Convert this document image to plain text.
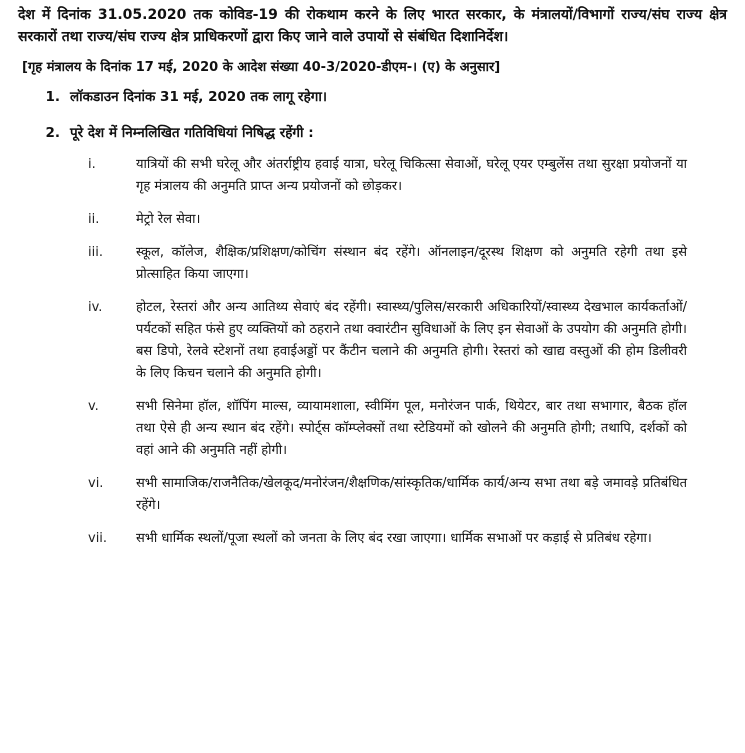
देश में दिनांक 31.05.2020 तक कोविड-19 की रोकथाम करने के लिए भारत सरकार, के मंत्रालयों/विभागों राज्य/संघ राज्य क्षेत्र सरकारों तथा राज्य/संघ राज्य क्षेत्र प्राधिकरणों द्वारा किए जाने वाले उपायों से संबंधित दिशानिर्देश।

[गृह मंत्रालय के दिनांक 17 मई, 2020 के आदेश संख्या 40-3/2020-डीएम-। (ए) के अनुसार]

1. लॉकडाउन दिनांक 31 मई, 2020 तक लागू रहेगा।
2. पूरे देश में निम्नलिखित गतिविधियां निषिद्ध रहेंगी :
i.	यात्रियों की सभी घरेलू और अंतर्राष्ट्रीय हवाई यात्रा, घरेलू चिकित्सा सेवाओं, घरेलू एयर एम्बुलेंस तथा सुरक्षा प्रयोजनों या गृह मंत्रालय की अनुमति प्राप्त अन्य प्रयोजनों को छोड़कर।
ii.	मेट्रो रेल सेवा।
iii.	स्कूल, कॉलेज, शैक्षिक/प्रशिक्षण/कोचिंग संस्थान बंद रहेंगे। ऑनलाइन/दूरस्थ शिक्षण को अनुमति रहेगी तथा इसे प्रोत्साहित किया जाएगा।
iv.	होटल, रेस्तरां और अन्य आतिथ्य सेवाएं बंद रहेंगी। स्वास्थ्य/पुलिस/सरकारी अधिकारियों/स्वास्थ्य देखभाल कार्यकर्ताओं/पर्यटकों सहित फंसे हुए व्यक्तियों को ठहराने तथा क्वारंटीन सुविधाओं के लिए इन सेवाओं के उपयोग की अनुमति होगी। बस डिपो, रेलवे स्टेशनों तथा हवाईअड्डों पर कैंटीन चलाने की अनुमति होगी। रेस्तरां को खाद्य वस्तुओं की होम डिलीवरी के लिए किचन चलाने की अनुमति होगी।
v.	सभी सिनेमा हॉल, शॉपिंग माल्स, व्यायामशाला, स्वीमिंग पूल, मनोरंजन पार्क, थियेटर, बार तथा सभागार, बैठक हॉल तथा ऐसे ही अन्य स्थान बंद रहेंगे। स्पोर्ट्स कॉम्प्लेक्सों तथा स्टेडियमों को खोलने की अनुमति होगी; तथापि, दर्शकों को वहां आने की अनुमति नहीं होगी।
vi.	सभी सामाजिक/राजनैतिक/खेलकूद/मनोरंजन/शैक्षणिक/सांस्कृतिक/धार्मिक कार्य/अन्य सभा तथा बड़े जमावड़े प्रतिबंधित रहेंगे।
vii.	सभी धार्मिक स्थलों/पूजा स्थलों को जनता के लिए बंद रखा जाएगा। धार्मिक सभाओं पर कड़ाई से प्रतिबंध रहेगा।
